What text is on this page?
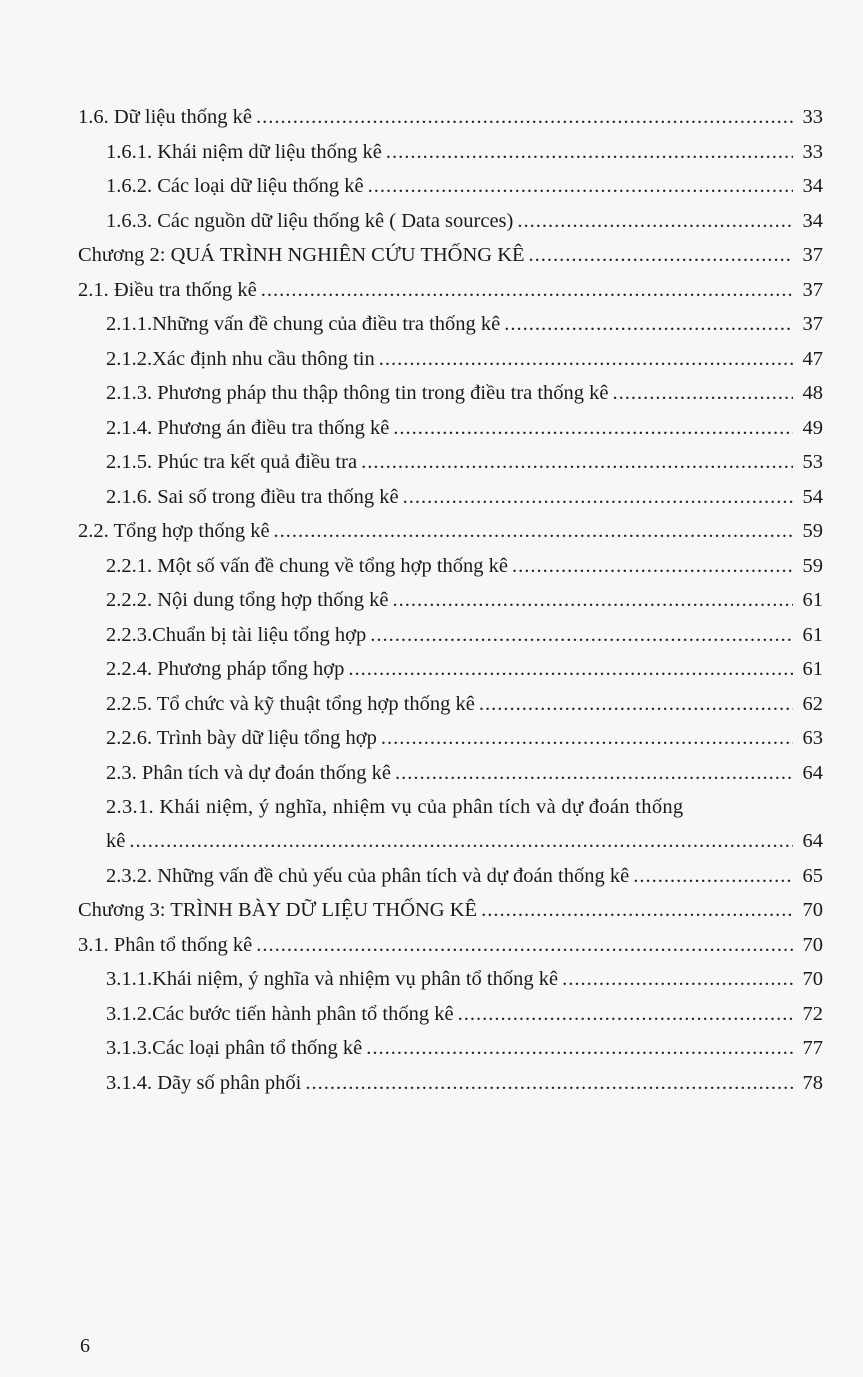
1.6. Dữ liệu thống kê .....	33
1.6.1. Khái niệm dữ liệu thống kê .....	33
1.6.2. Các loại dữ liệu thống kê .....	34
1.6.3. Các nguồn dữ liệu thống kê ( Data sources) .....	34
Chương 2: QUÁ TRÌNH NGHIÊN CỨU THỐNG KÊ .....	37
2.1. Điều tra thống kê .....	37
2.1.1.Những vấn đề chung của điều tra thống kê .....	37
2.1.2.Xác định nhu cầu thông tin .....	47
2.1.3. Phương pháp thu thập thông tin trong điều tra thống kê .....	48
2.1.4. Phương án điều tra thống kê .....	49
2.1.5. Phúc tra kết quả điều tra .....	53
2.1.6. Sai số trong điều tra thống kê .....	54
2.2. Tổng hợp thống kê .....	59
2.2.1. Một số vấn đề chung về tổng hợp thống kê .....	59
2.2.2. Nội dung tổng hợp thống kê .....	61
2.2.3.Chuẩn bị tài liệu tổng hợp .....	61
2.2.4. Phương pháp tổng hợp .....	61
2.2.5. Tổ chức và kỹ thuật tổng hợp thống kê .....	62
2.2.6. Trình bày dữ liệu tổng hợp .....	63
2.3. Phân tích và dự đoán thống kê .....	64
2.3.1. Khái niệm, ý nghĩa, nhiệm vụ của phân tích và dự đoán thống
kê .....	64
2.3.2. Những vấn đề chủ yếu của phân tích và dự đoán thống kê .....	65
Chương 3: TRÌNH BÀY DỮ LIỆU THỐNG KÊ .....	70
3.1. Phân tổ thống kê .....	70
3.1.1.Khái niệm, ý nghĩa và nhiệm vụ phân tổ thống kê .....	70
3.1.2.Các bước tiến hành phân tổ thống kê .....	72
3.1.3.Các loại phân tổ thống kê .....	77
3.1.4. Dãy số phân phối .....	78
6
